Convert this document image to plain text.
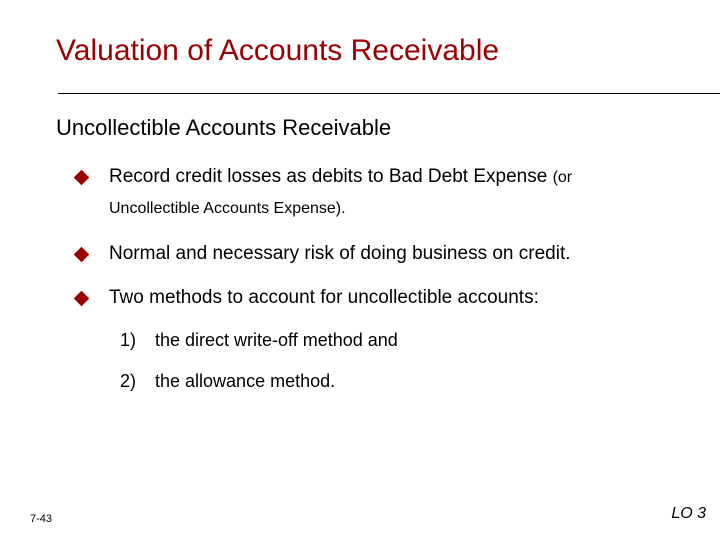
Valuation of Accounts Receivable
Uncollectible Accounts Receivable
Record credit losses as debits to Bad Debt Expense (or
Uncollectible Accounts Expense).
Normal and necessary risk of doing business on credit.
Two methods to account for uncollectible accounts:
1) the direct write-off method and
2) the allowance method.
7-43	LO 3
